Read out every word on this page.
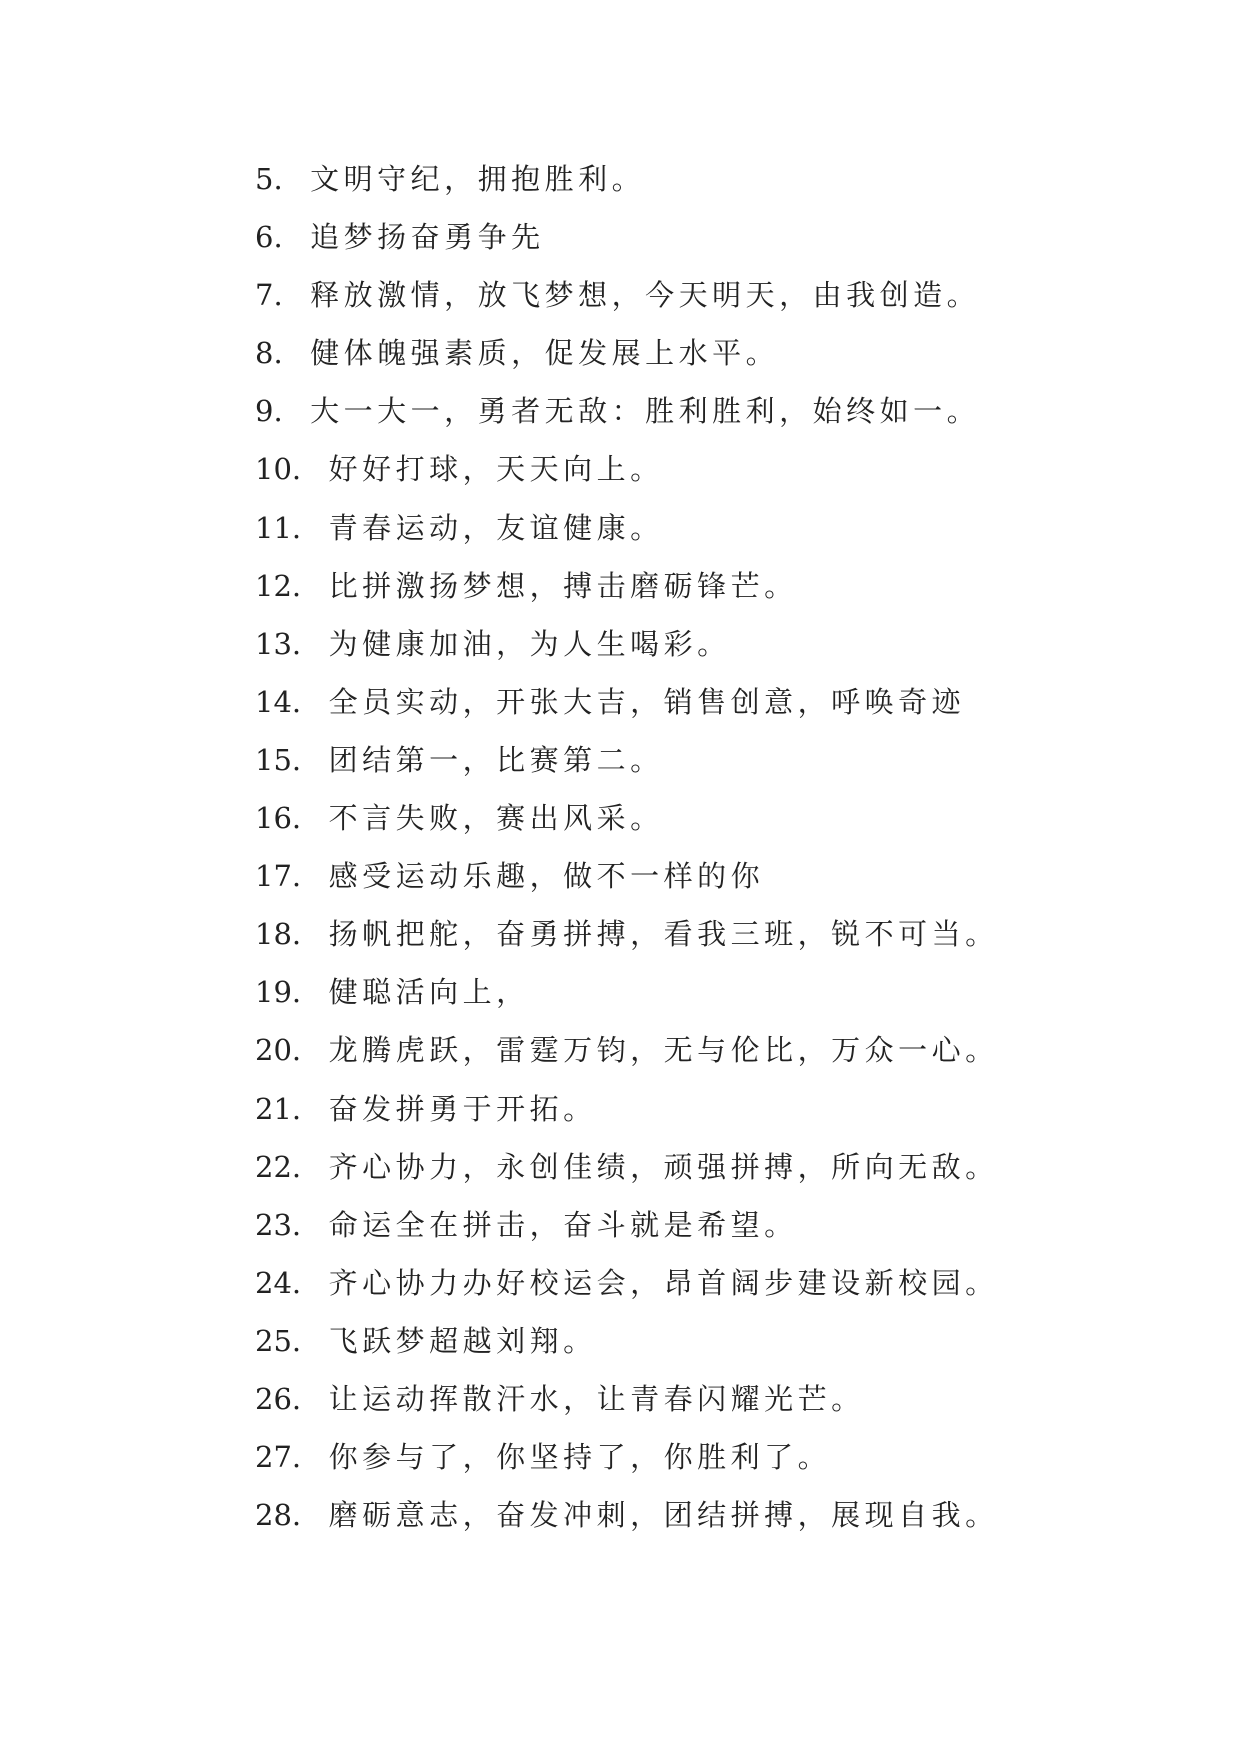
5. 文明守纪，拥抱胜利。
6. 追梦扬奋勇争先
7. 释放激情，放飞梦想，今天明天，由我创造。
8. 健体魄强素质，促发展上水平。
9. 大一大一，勇者无敌：胜利胜利，始终如一。
10. 好好打球，天天向上。
11. 青春运动，友谊健康。
12. 比拼激扬梦想，搏击磨砺锋芒。
13. 为健康加油，为人生喝彩。
14. 全员实动，开张大吉，销售创意，呼唤奇迹
15. 团结第一，比赛第二。
16. 不言失败，赛出风采。
17. 感受运动乐趣，做不一样的你
18. 扬帆把舵，奋勇拼搏，看我三班，锐不可当。
19. 健聪活向上，
20. 龙腾虎跃，雷霆万钧，无与伦比，万众一心。
21. 奋发拼勇于开拓。
22. 齐心协力，永创佳绩，顽强拼搏，所向无敌。
23. 命运全在拼击，奋斗就是希望。
24. 齐心协力办好校运会，昂首阔步建设新校园。
25. 飞跃梦超越刘翔。
26. 让运动挥散汗水，让青春闪耀光芒。
27. 你参与了，你坚持了，你胜利了。
28. 磨砺意志，奋发冲刺，团结拼搏，展现自我。
